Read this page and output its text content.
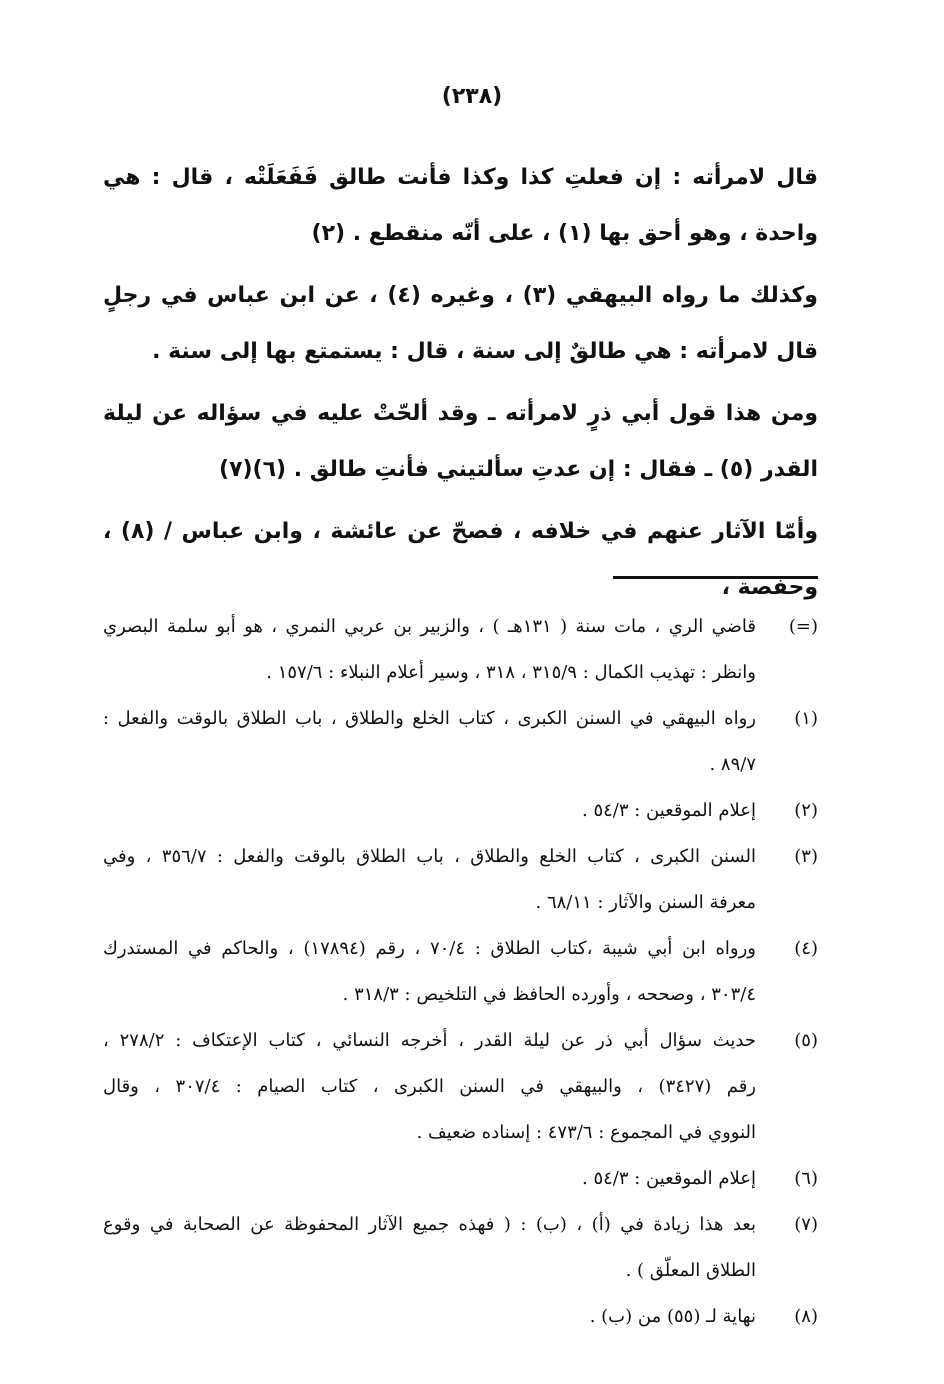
(٢٣٨)

قال لامرأته : إن فعلتِ كذا وكذا فأنت طالق فَفَعَلَتْه ، قال : هي واحدة ، وهو أحق بها (١) ، على أنّه منقطع . (٢)

وكذلك ما رواه البيهقي (٣) ، وغيره (٤) ، عن ابن عباس في رجلٍ قال لامرأته : هي طالقٌ إلى سنة ، قال : يستمتع بها إلى سنة .

ومن هذا قول أبي ذرٍ لامرأته ـ وقد ألحّتْ عليه في سؤاله عن ليلة القدر (٥) ـ فقال : إن عدتِ سألتيني فأنتِ طالق . (٦)(٧)

وأمّا الآثار عنهم في خلافه ، فصحّ عن عائشة ، وابن عباس / (٨) ، وحفصة ،

(=)
قاضي الري ، مات سنة ( ١٣١هـ ) ، والزبير بن عربي النمري ، هو أبو سلمة البصري
وانظر : تهذيب الكمال : ٣١٥/٩ ، ٣١٨ ، وسير أعلام النبلاء : ١٥٧/٦ .
(١)
رواه البيهقي في السنن الكبرى ، كتاب الخلع والطلاق ، باب الطلاق بالوقت والفعل :
٨٩/٧ .
(٢)
إعلام الموقعين : ٥٤/٣ .
(٣)
السنن الكبرى ، كتاب الخلع والطلاق ، باب الطلاق بالوقت والفعل : ٣٥٦/٧ ، وفي
معرفة السنن والآثار : ٦٨/١١ .
(٤)
ورواه ابن أبي شيبة ،كتاب الطلاق : ٧٠/٤ ، رقم (١٧٨٩٤) ، والحاكم في المستدرك
٣٠٣/٤ ، وصححه ، وأورده الحافظ في التلخيص : ٣١٨/٣ .
(٥)
حديث سؤال أبي ذر عن ليلة القدر ، أخرجه النسائي ، كتاب الإعتكاف : ٢٧٨/٢ ،
رقم (٣٤٢٧) ، والبيهقي في السنن الكبرى ، كتاب الصيام : ٣٠٧/٤ ، وقال
النووي في المجموع : ٤٧٣/٦ : إسناده ضعيف .
(٦)
إعلام الموقعين : ٥٤/٣ .
(٧)
بعد هذا زيادة في (أ) ، (ب) : ( فهذه جميع الآثار المحفوظة عن الصحابة في وقوع
الطلاق المعلّق ) .
(٨)
نهاية لـ (٥٥) من (ب) .
